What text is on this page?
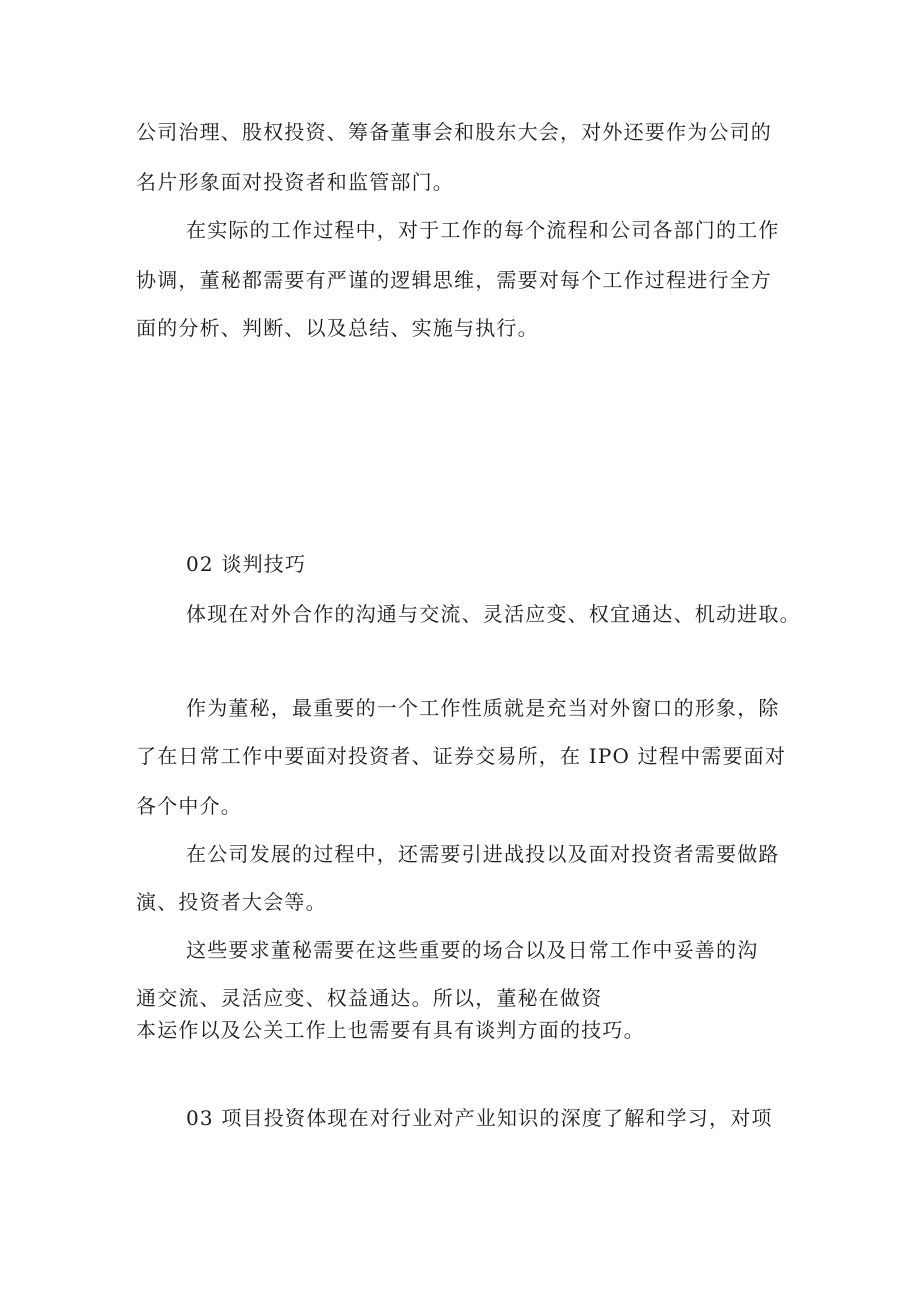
公司治理、股权投资、筹备董事会和股东大会，对外还要作为公司的

名片形象面对投资者和监管部门。

在实际的工作过程中，对于工作的每个流程和公司各部门的工作

协调，董秘都需要有严谨的逻辑思维，需要对每个工作过程进行全方

面的分析、判断、以及总结、实施与执行。

02 谈判技巧

体现在对外合作的沟通与交流、灵活应变、权宜通达、机动进取。

作为董秘，最重要的一个工作性质就是充当对外窗口的形象，除

了在日常工作中要面对投资者、证券交易所，在 IPO 过程中需要面对

各个中介。

在公司发展的过程中，还需要引进战投以及面对投资者需要做路

演、投资者大会等。

这些要求董秘需要在这些重要的场合以及日常工作中妥善的沟

通交流、灵活应变、权益通达。所以，董秘在做资

本运作以及公关工作上也需要有具有谈判方面的技巧。

03 项目投资体现在对行业对产业知识的深度了解和学习，对项
